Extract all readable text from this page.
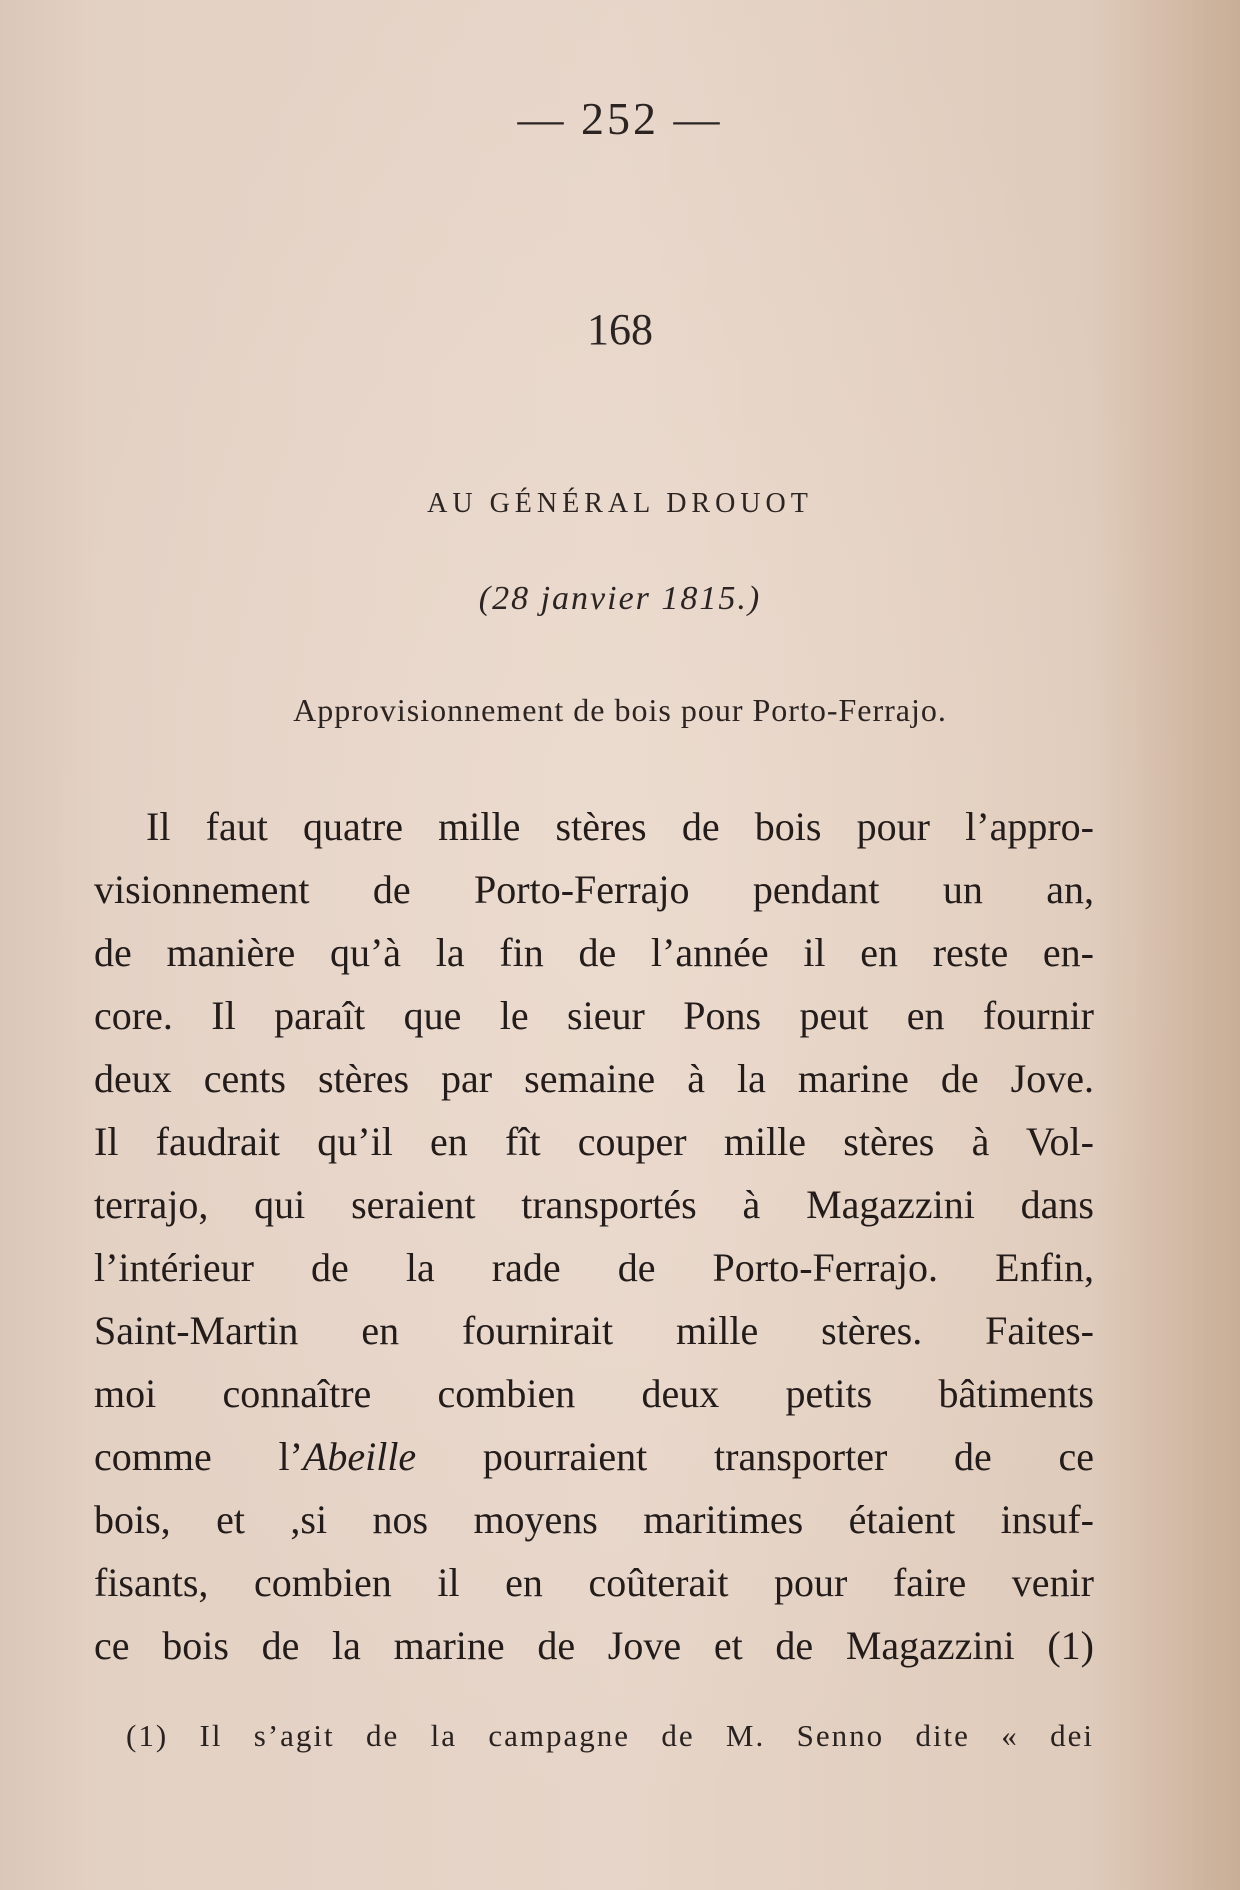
— 252 —
168
AU GÉNÉRAL DROUOT
(28 janvier 1815.)
Approvisionnement de bois pour Porto-Ferrajo.
Il faut quatre mille stères de bois pour l’appro-
visionnement de Porto-Ferrajo pendant un an,
de manière qu’à la fin de l’année il en reste en-
core. Il paraît que le sieur Pons peut en fournir
deux cents stères par semaine à la marine de Jove.
Il faudrait qu’il en fît couper mille stères à Vol-
terrajo, qui seraient transportés à Magazzini dans
l’intérieur de la rade de Porto-Ferrajo. Enfin,
Saint-Martin en fournirait mille stères. Faites-
moi connaître combien deux petits bâtiments
comme l’Abeille pourraient transporter de ce
bois, et ,si nos moyens maritimes étaient insuf-
fisants, combien il en coûterait pour faire venir
ce bois de la marine de Jove et de Magazzini (1)
(1) Il s’agit de la campagne de M. Senno dite « dei
